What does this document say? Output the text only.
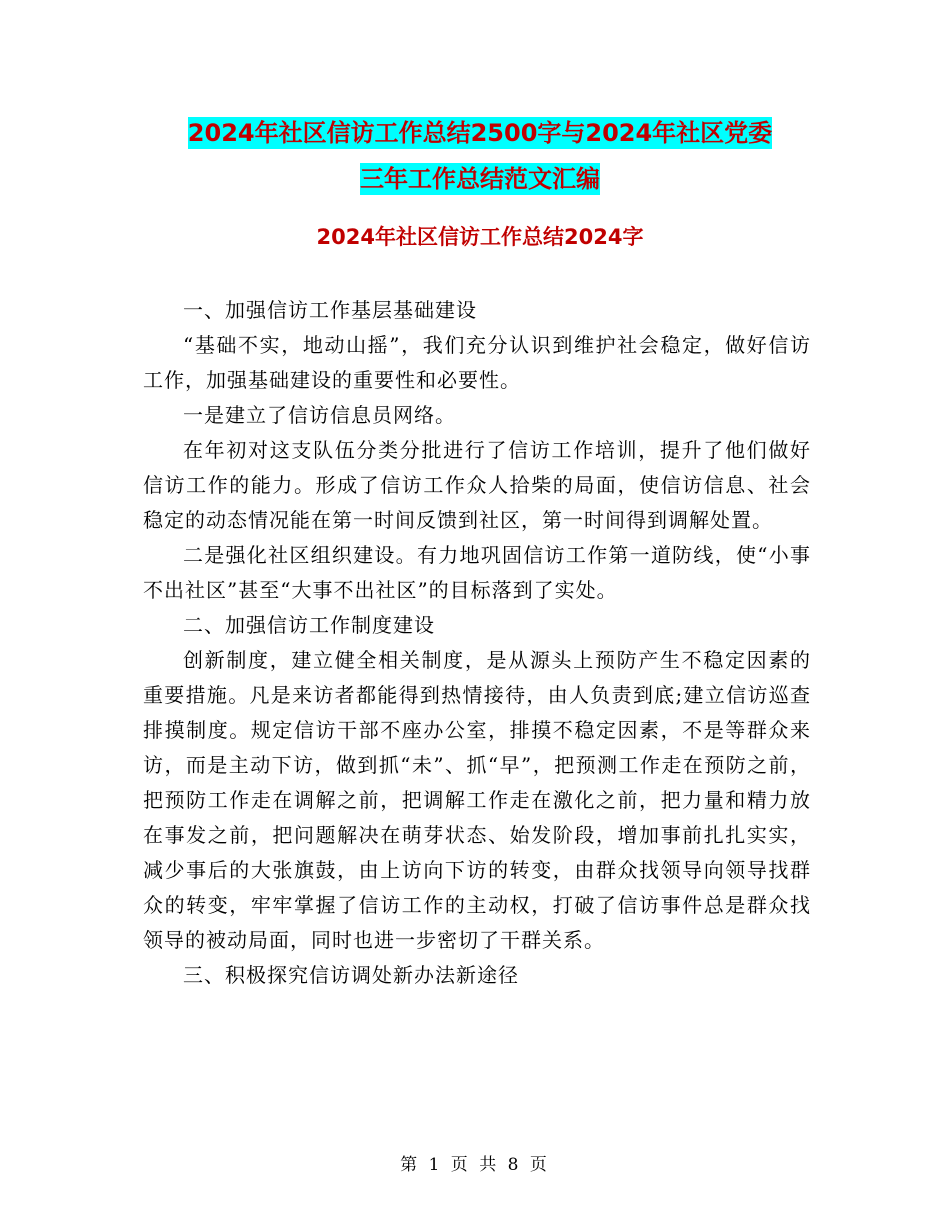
2024年社区信访工作总结2500字与2024年社区党委
三年工作总结范文汇编
2024年社区信访工作总结2024字

一、加强信访工作基层基础建设

“基础不实，地动山摇”，我们充分认识到维护社会稳定，做好信访工作，加强基础建设的重要性和必要性。

一是建立了信访信息员网络。

在年初对这支队伍分类分批进行了信访工作培训，提升了他们做好信访工作的能力。形成了信访工作众人拾柴的局面，使信访信息、社会稳定的动态情况能在第一时间反馈到社区，第一时间得到调解处置。

二是强化社区组织建设。有力地巩固信访工作第一道防线，使“小事不出社区”甚至“大事不出社区”的目标落到了实处。

二、加强信访工作制度建设

创新制度，建立健全相关制度，是从源头上预防产生不稳定因素的重要措施。凡是来访者都能得到热情接待，由人负责到底;建立信访巡查排摸制度。规定信访干部不座办公室，排摸不稳定因素，不是等群众来访，而是主动下访，做到抓“未”、抓“早”，把预测工作走在预防之前，把预防工作走在调解之前，把调解工作走在激化之前，把力量和精力放在事发之前，把问题解决在萌芽状态、始发阶段，增加事前扎扎实实，减少事后的大张旗鼓，由上访向下访的转变，由群众找领导向领导找群众的转变，牢牢掌握了信访工作的主动权，打破了信访事件总是群众找领导的被动局面，同时也进一步密切了干群关系。

三、积极探究信访调处新办法新途径

第 1 页 共 8 页
